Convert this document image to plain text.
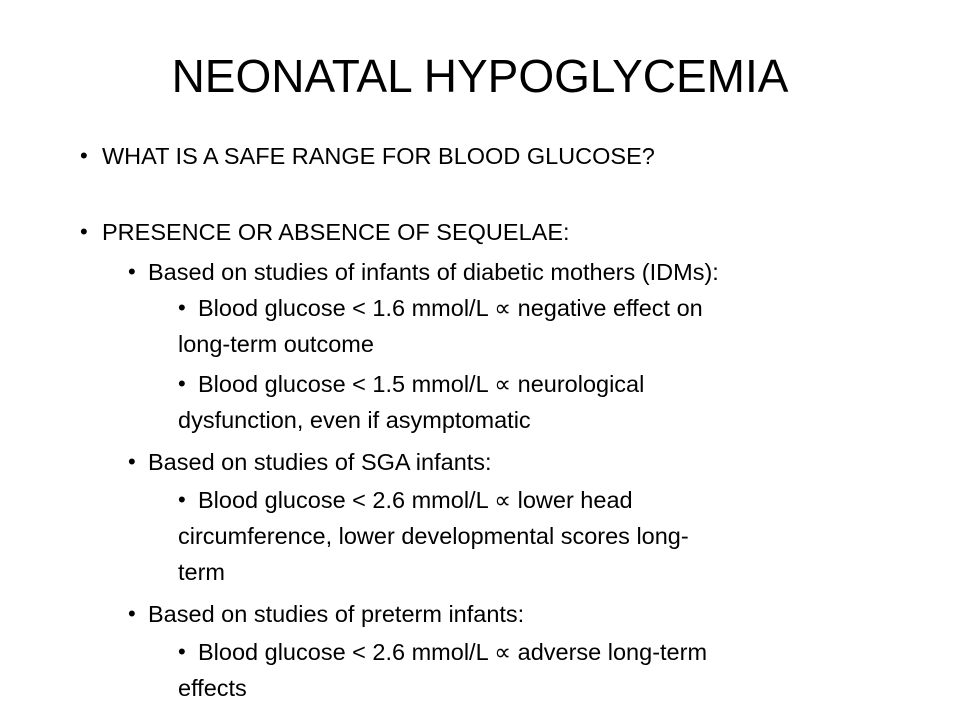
NEONATAL HYPOGLYCEMIA
• WHAT IS A SAFE RANGE FOR BLOOD GLUCOSE?
• PRESENCE OR ABSENCE OF SEQUELAE:
• Based on studies of infants of diabetic mothers (IDMs):
• Blood glucose < 1.6 mmol/L ∝ negative effect on
long-term outcome
• Blood glucose < 1.5 mmol/L ∝ neurological
dysfunction, even if asymptomatic
• Based on studies of SGA infants:
• Blood glucose < 2.6 mmol/L ∝ lower head
circumference, lower developmental scores long-
term
• Based on studies of preterm infants:
• Blood glucose < 2.6 mmol/L ∝ adverse long-term
effects
